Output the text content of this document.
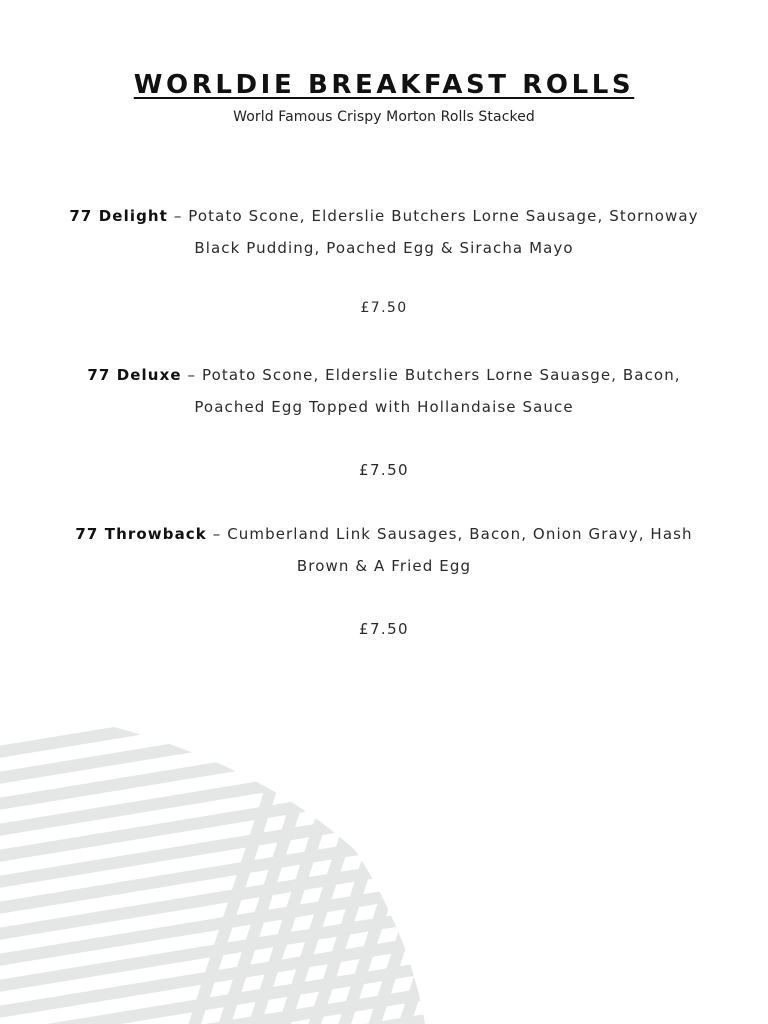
WORLDIE BREAKFAST ROLLS

World Famous Crispy Morton Rolls Stacked

77 Delight – Potato Scone, Elderslie Butchers Lorne Sausage, Stornoway
Black Pudding, Poached Egg & Siracha Mayo

£7.50

77 Deluxe – Potato Scone, Elderslie Butchers Lorne Sauasge, Bacon,
Poached Egg Topped with Hollandaise Sauce

£7.50

77 Throwback – Cumberland Link Sausages, Bacon, Onion Gravy, Hash
Brown & A Fried Egg

£7.50
